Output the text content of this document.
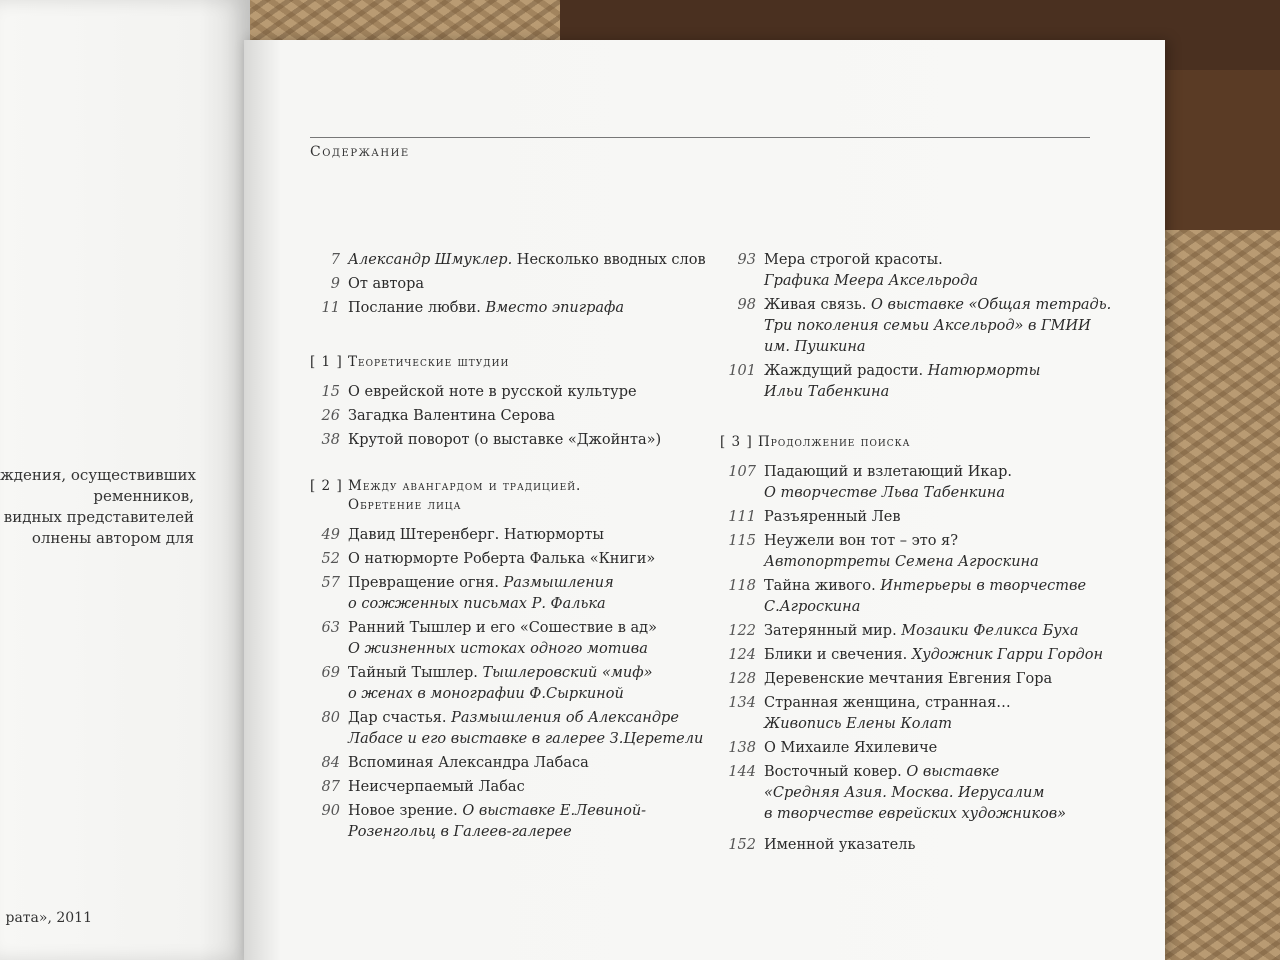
ждения, осуществивших
ременников,
видных представителей
олнены автором для
рата», 2011
Содержание
7 Александр Шмуклер. Несколько вводных слов
9 От автора
11 Послание любви. Вместо эпиграфа
[ 1 ] Теоретические штудии
15 О еврейской ноте в русской культуре
26 Загадка Валентина Серова
38 Крутой поворот (о выставке «Джойнта»)
[ 2 ] Между авангардом и традицией.
Обретение лица
49 Давид Штеренберг. Натюрморты
52 О натюрморте Роберта Фалька «Книги»
57 Превращение огня. Размышления
о сожженных письмах Р. Фалька
63 Ранний Тышлер и его «Сошествие в ад»
О жизненных истоках одного мотива
69 Тайный Тышлер. Тышлеровский «миф»
о женах в монографии Ф.Сыркиной
80 Дар счастья. Размышления об Александре
Лабасе и его выставке в галерее З.Церетели
84 Вспоминая Александра Лабаса
87 Неисчерпаемый Лабас
90 Новое зрение. О выставке Е.Левиной-
Розенгольц в Галеев-галерее
93 Мера строгой красоты.
Графика Меера Аксельрода
98 Живая связь. О выставке «Общая тетрадь.
Три поколения семьи Аксельрод» в ГМИИ
им. Пушкина
101 Жаждущий радости. Натюрморты
Ильи Табенкина
[ 3 ] Продолжение поиска
107 Падающий и взлетающий Икар.
О творчестве Льва Табенкина
111 Разъяренный Лев
115 Неужели вон тот – это я?
Автопортреты Семена Агроскина
118 Тайна живого. Интерьеры в творчестве
С.Агроскина
122 Затерянный мир. Мозаики Феликса Буха
124 Блики и свечения. Художник Гарри Гордон
128 Деревенские мечтания Евгения Гора
134 Странная женщина, странная…
Живопись Елены Колат
138 О Михаиле Яхилевиче
144 Восточный ковер. О выставке
«Средняя Азия. Москва. Иерусалим
в творчестве еврейских художников»
152 Именной указатель
